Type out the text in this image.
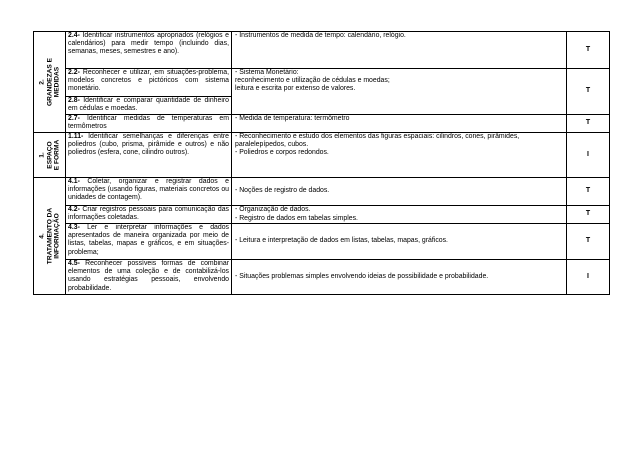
2. GRANDEZAS E MEDIDAS	2.4- Identificar instrumentos apropriados (relógios e calendários) para medir tempo (incluindo dias, semanas, meses, semestres e ano).	- Instrumentos de medida de tempo: calendário, relógio.	T
	2.2- Reconhecer e utilizar, em situações-problema, modelos concretos e pictóricos com sistema monetário.	- Sistema Monetário:
reconhecimento e utilização de cédulas e moedas;
leitura e escrita por extenso de valores.	T
	2.8- Identificar e comparar quantidade de dinheiro em cédulas e moedas.		
	2.7- Identificar medidas de temperaturas em termômetros	- Medida de temperatura: termômetro	T

1. ESPAÇO E FORMA	1.11- Identificar semelhanças e diferenças entre poliedros (cubo, prisma, pirâmide e outros) e não poliedros (esfera, cone, cilindro outros).	- Reconhecimento e estudo dos elementos das figuras espaciais: cilindros, cones, pirâmides, paralelepípedos, cubos.
- Poliedros e corpos redondos.	I

4. TRATAMENTO DA INFORMAÇÃO	4.1- Coletar, organizar e registrar dados e informações (usando figuras, materiais concretos ou unidades de contagem).	- Noções de registro de dados.	T
	4.2- Criar registros pessoais para comunicação das informações coletadas.	- Organização de dados.
- Registro de dados em tabelas simples.	T
	4.3- Ler e interpretar informações e dados apresentados de maneira organizada por meio de listas, tabelas, mapas e gráficos, e em situações-problema;	- Leitura e interpretação de dados em listas, tabelas, mapas, gráficos.	T
	4.5- Reconhecer possíveis formas de combinar elementos de uma coleção e de contabilizá-los usando estratégias pessoais, envolvendo probabilidade.	- Situações problemas simples envolvendo ideias de possibilidade e probabilidade.	I
